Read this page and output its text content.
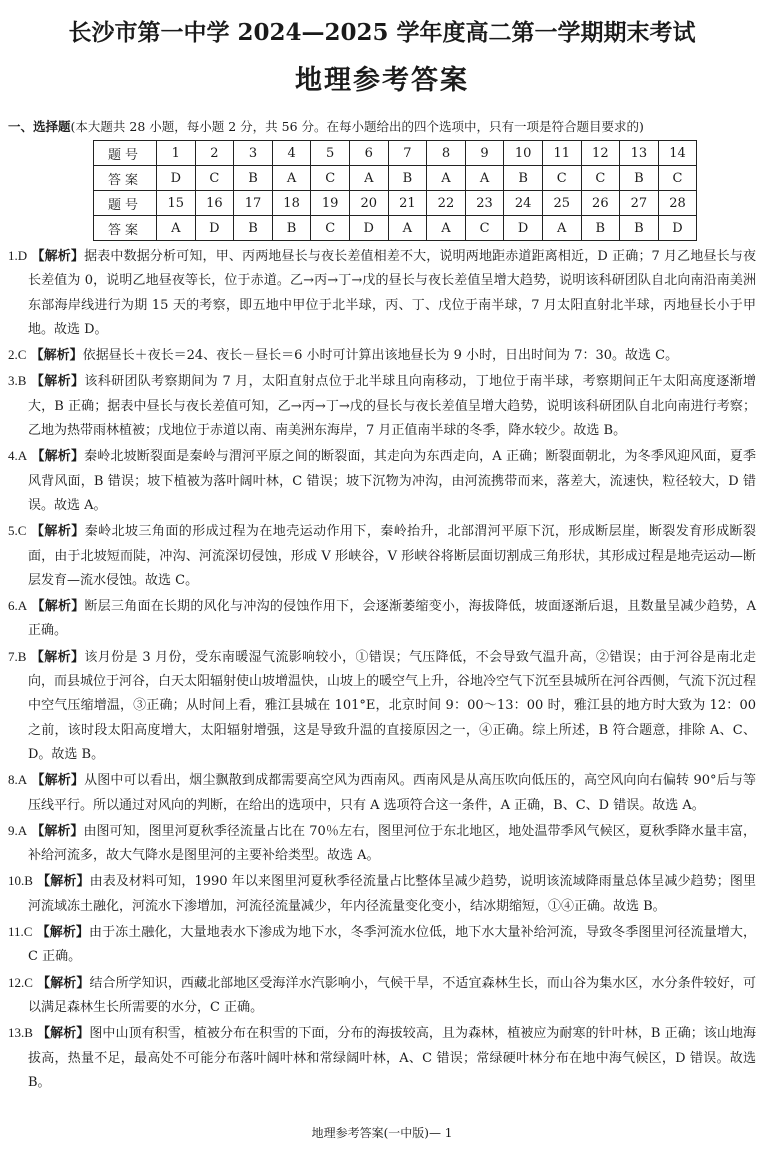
长沙市第一中学 2024—2025 学年度高二第一学期期末考试
地理参考答案
一、选择题(本大题共 28 小题，每小题 2 分，共 56 分。在每小题给出的四个选项中，只有一项是符合题目要求的)
题号	1	2	3	4	5	6	7	8	9	10	11	12	13	14
答案	D	C	B	A	C	A	B	A	A	B	C	C	B	C
题号	15	16	17	18	19	20	21	22	23	24	25	26	27	28
答案	A	D	B	B	C	D	A	A	C	D	A	B	B	D
1.D 【解析】据表中数据分析可知，甲、丙两地昼长与夜长差值相差不大，说明两地距赤道距离相近，D 正确；7 月乙地昼长与夜长差值为 0，说明乙地昼夜等长，位于赤道。乙→丙→丁→戊的昼长与夜长差值呈增大趋势，说明该科研团队自北向南沿南美洲东部海岸线进行为期 15 天的考察，即五地中甲位于北半球，丙、丁、戊位于南半球，7 月太阳直射北半球，丙地昼长小于甲地。故选 D。
2.C 【解析】依据昼长＋夜长＝24、夜长－昼长＝6 小时可计算出该地昼长为 9 小时，日出时间为 7：30。故选 C。
3.B 【解析】该科研团队考察期间为 7 月，太阳直射点位于北半球且向南移动，丁地位于南半球，考察期间正午太阳高度逐渐增大，B 正确；据表中昼长与夜长差值可知，乙→丙→丁→戊的昼长与夜长差值呈增大趋势，说明该科研团队自北向南进行考察；乙地为热带雨林植被；戊地位于赤道以南、南美洲东海岸，7 月正值南半球的冬季，降水较少。故选 B。
4.A 【解析】秦岭北坡断裂面是秦岭与渭河平原之间的断裂面，其走向为东西走向，A 正确；断裂面朝北，为冬季风迎风面，夏季风背风面，B 错误；坡下植被为落叶阔叶林，C 错误；坡下沉物为冲沟，由河流携带而来，落差大，流速快，粒径较大，D 错误。故选 A。
5.C 【解析】秦岭北坡三角面的形成过程为在地壳运动作用下，秦岭抬升，北部渭河平原下沉，形成断层崖，断裂发育形成断裂面，由于北坡短而陡，冲沟、河流深切侵蚀，形成 V 形峡谷，V 形峡谷将断层面切割成三角形状，其形成过程是地壳运动—断层发育—流水侵蚀。故选 C。
6.A 【解析】断层三角面在长期的风化与冲沟的侵蚀作用下，会逐渐萎缩变小，海拔降低，坡面逐渐后退，且数量呈减少趋势，A 正确。
7.B 【解析】该月份是 3 月份，受东南暖湿气流影响较小，①错误；气压降低，不会导致气温升高，②错误；由于河谷是南北走向，而县城位于河谷，白天太阳辐射使山坡增温快，山坡上的暖空气上升，谷地冷空气下沉至县城所在河谷西侧，气流下沉过程中空气压缩增温，③正确；从时间上看，雅江县城在 101°E，北京时间 9：00～13：00 时，雅江县的地方时大致为 12：00 之前，该时段太阳高度增大，太阳辐射增强，这是导致升温的直接原因之一，④正确。综上所述，B 符合题意，排除 A、C、D。故选 B。
8.A 【解析】从图中可以看出，烟尘飘散到成都需要高空风为西南风。西南风是从高压吹向低压的，高空风向向右偏转 90°后与等压线平行。所以通过对风向的判断，在给出的选项中，只有 A 选项符合这一条件，A 正确，B、C、D 错误。故选 A。
9.A 【解析】由图可知，图里河夏秋季径流量占比在 70％左右，图里河位于东北地区，地处温带季风气候区，夏秋季降水量丰富，补给河流多，故大气降水是图里河的主要补给类型。故选 A。
10.B 【解析】由表及材料可知，1990 年以来图里河夏秋季径流量占比整体呈减少趋势，说明该流域降雨量总体呈减少趋势；图里河流域冻土融化，河流水下渗增加，河流径流量减少，年内径流量变化变小，结冰期缩短，①④正确。故选 B。
11.C 【解析】由于冻土融化，大量地表水下渗成为地下水，冬季河流水位低，地下水大量补给河流，导致冬季图里河径流量增大，C 正确。
12.C 【解析】结合所学知识，西藏北部地区受海洋水汽影响小，气候干旱，不适宜森林生长，而山谷为集水区，水分条件较好，可以满足森林生长所需要的水分，C 正确。
13.B 【解析】图中山顶有积雪，植被分布在积雪的下面，分布的海拔较高，且为森林，植被应为耐寒的针叶林，B 正确；该山地海拔高，热量不足，最高处不可能分布落叶阔叶林和常绿阔叶林，A、C 错误；常绿硬叶林分布在地中海气候区，D 错误。故选 B。
地理参考答案(一中版)— 1
